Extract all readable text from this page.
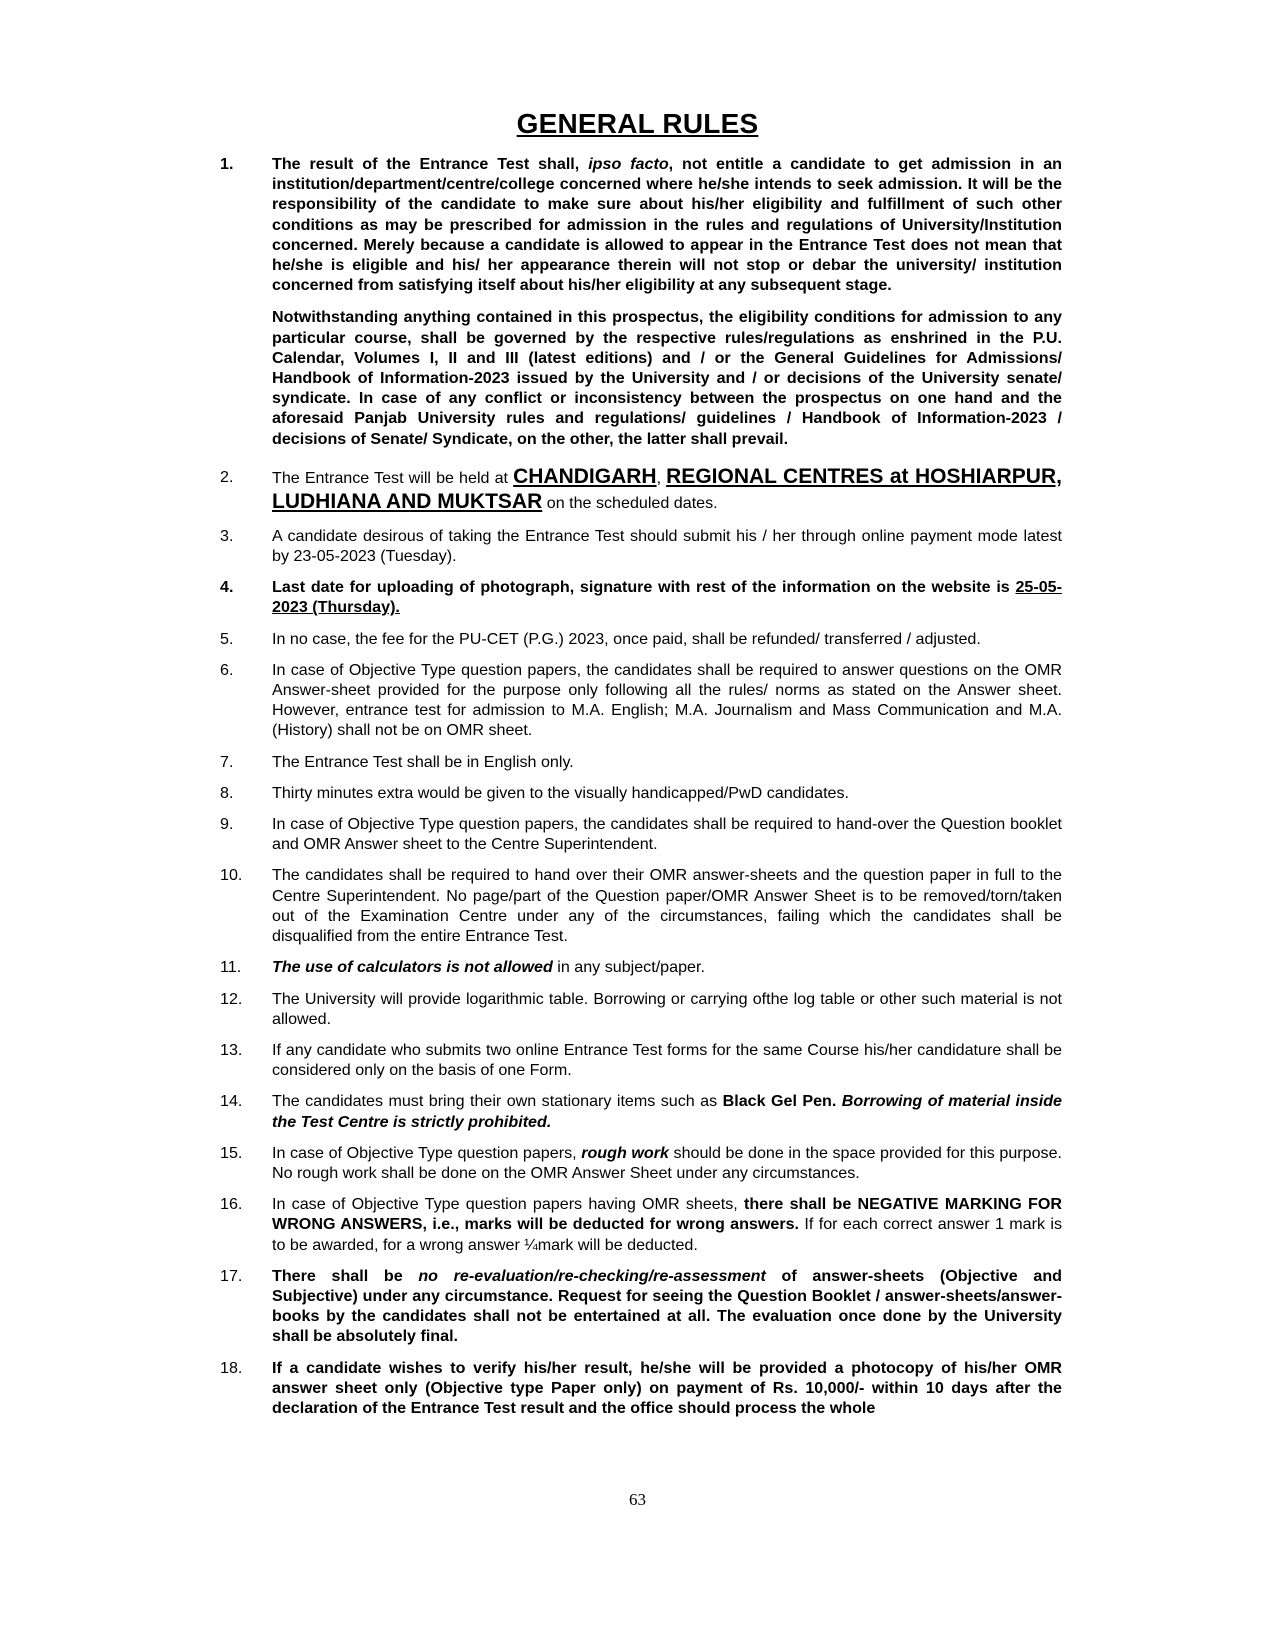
GENERAL RULES
1.	The result of the Entrance Test shall, ipso facto, not entitle a candidate to get admission in an institution/department/centre/college concerned where he/she intends to seek admission. It will be the responsibility of the candidate to make sure about his/her eligibility and fulfillment of such other conditions as may be prescribed for admission in the rules and regulations of University/Institution concerned. Merely because a candidate is allowed to appear in the Entrance Test does not mean that he/she is eligible and his/ her appearance therein will not stop or debar the university/ institution concerned from satisfying itself about his/her eligibility at any subsequent stage.
Notwithstanding anything contained in this prospectus, the eligibility conditions for admission to any particular course, shall be governed by the respective rules/regulations as enshrined in the P.U. Calendar, Volumes I, II and III (latest editions) and / or the General Guidelines for Admissions/ Handbook of Information-2023 issued by the University and / or decisions of the University senate/ syndicate. In case of any conflict or inconsistency between the prospectus on one hand and the aforesaid Panjab University rules and regulations/ guidelines / Handbook of Information-2023 / decisions of Senate/ Syndicate, on the other, the latter shall prevail.
2.	The Entrance Test will be held at CHANDIGARH, REGIONAL CENTRES at HOSHIARPUR, LUDHIANA AND MUKTSAR on the scheduled dates.
3.	A candidate desirous of taking the Entrance Test should submit his / her through online payment mode latest by 23-05-2023 (Tuesday).
4.	Last date for uploading of photograph, signature with rest of the information on the website is 25-05-2023 (Thursday).
5.	In no case, the fee for the PU-CET (P.G.) 2023, once paid, shall be refunded/ transferred / adjusted.
6.	In case of Objective Type question papers, the candidates shall be required to answer questions on the OMR Answer-sheet provided for the purpose only following all the rules/ norms as stated on the Answer sheet. However, entrance test for admission to M.A. English; M.A. Journalism and Mass Communication and M.A. (History) shall not be on OMR sheet.
7.	The Entrance Test shall be in English only.
8.	Thirty minutes extra would be given to the visually handicapped/PwD candidates.
9.	In case of Objective Type question papers, the candidates shall be required to hand-over the Question booklet and OMR Answer sheet to the Centre Superintendent.
10.	The candidates shall be required to hand over their OMR answer-sheets and the question paper in full to the Centre Superintendent. No page/part of the Question paper/OMR Answer Sheet is to be removed/torn/taken out of the Examination Centre under any of the circumstances, failing which the candidates shall be disqualified from the entire Entrance Test.
11.	The use of calculators is not allowed in any subject/paper.
12.	The University will provide logarithmic table. Borrowing or carrying ofthe log table or other such material is not allowed.
13.	If any candidate who submits two online Entrance Test forms for the same Course his/her candidature shall be considered only on the basis of one Form.
14.	The candidates must bring their own stationary items such as Black Gel Pen. Borrowing of material inside the Test Centre is strictly prohibited.
15.	In case of Objective Type question papers, rough work should be done in the space provided for this purpose. No rough work shall be done on the OMR Answer Sheet under any circumstances.
16.	In case of Objective Type question papers having OMR sheets, there shall be NEGATIVE MARKING FOR WRONG ANSWERS, i.e., marks will be deducted for wrong answers. If for each correct answer 1 mark is to be awarded, for a wrong answer ¼mark will be deducted.
17.	There shall be no re-evaluation/re-checking/re-assessment of answer-sheets (Objective and Subjective) under any circumstance. Request for seeing the Question Booklet / answer-sheets/answer-books by the candidates shall not be entertained at all. The evaluation once done by the University shall be absolutely final.
18.	If a candidate wishes to verify his/her result, he/she will be provided a photocopy of his/her OMR answer sheet only (Objective type Paper only) on payment of Rs. 10,000/- within 10 days after the declaration of the Entrance Test result and the office should process the whole
63
